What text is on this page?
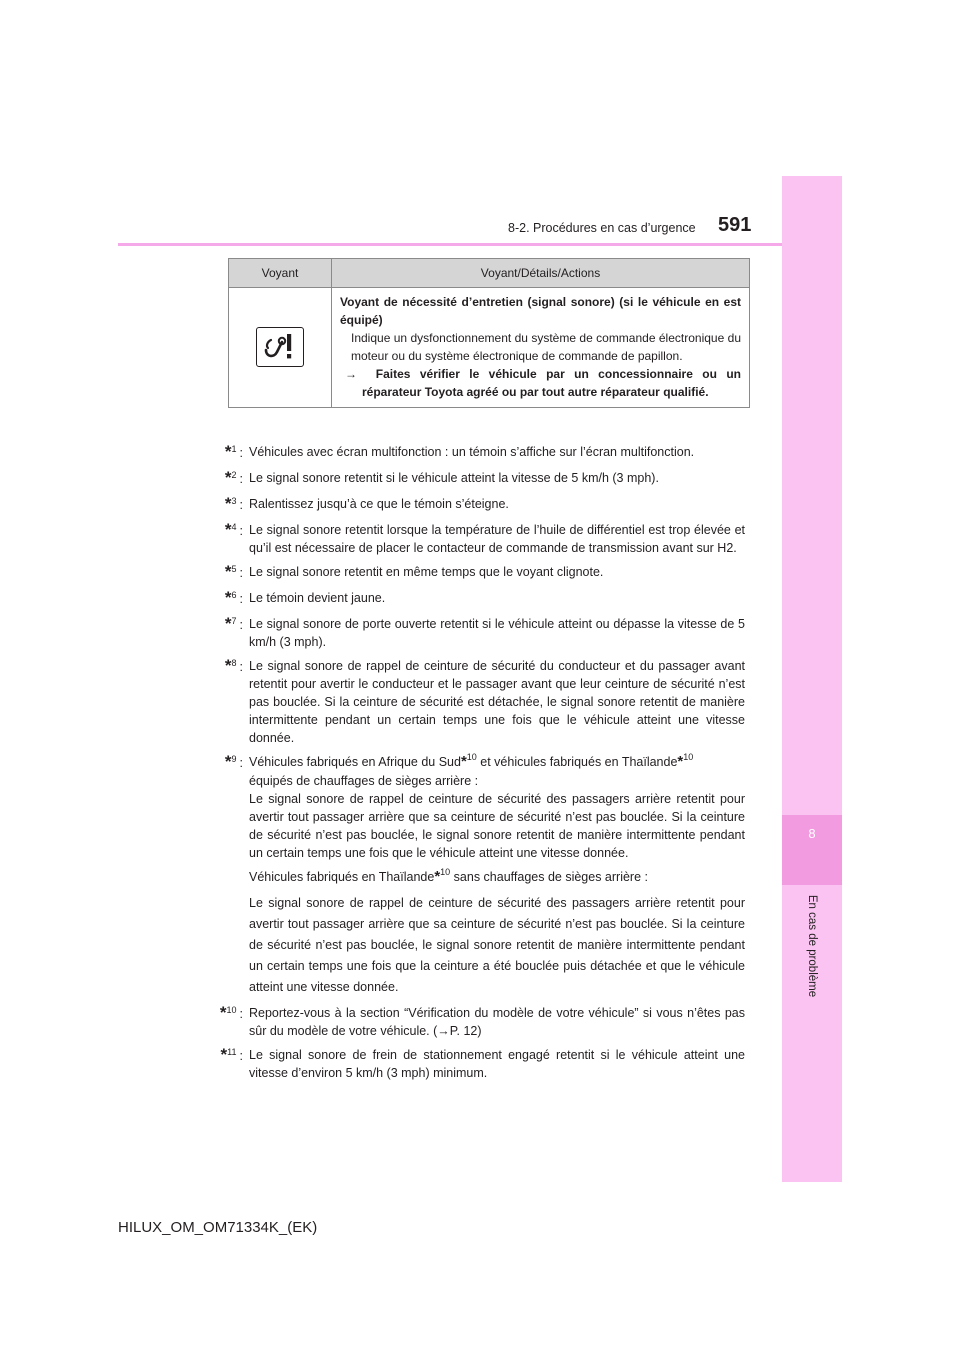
8-2. Procédures en cas d’urgence 591
8
En cas de problème
Voyant	Voyant/Détails/Actions

Voyant de nécessité d’entretien (signal sonore) (si le véhicule en est équipé)
Indique un dysfonctionnement du système de commande électronique du moteur ou du système électronique de commande de papillon.
→ Faites vérifier le véhicule par un concessionnaire ou un réparateur Toyota agréé ou par tout autre réparateur qualifié.
*$^1$ : Véhicules avec écran multifonction : un témoin s’affiche sur l’écran multifonction.
*$^2$ : Le signal sonore retentit si le véhicule atteint la vitesse de 5 km/h (3 mph).
*$^3$ : Ralentissez jusqu’à ce que le témoin s’éteigne.
*$^4$ : Le signal sonore retentit lorsque la température de l’huile de différentiel est trop élevée et qu’il est nécessaire de placer le contacteur de commande de transmission avant sur H2.
*$^5$ : Le signal sonore retentit en même temps que le voyant clignote.
*$^6$ : Le témoin devient jaune.
*$^7$ : Le signal sonore de porte ouverte retentit si le véhicule atteint ou dépasse la vitesse de 5 km/h (3 mph).
*$^8$ : Le signal sonore de rappel de ceinture de sécurité du conducteur et du passager avant retentit pour avertir le conducteur et le passager avant que leur ceinture de sécurité n’est pas bouclée. Si la ceinture de sécurité est détachée, le signal sonore retentit de manière intermittente pendant un certain temps une fois que le véhicule atteint une vitesse donnée.
*$^9$ : Véhicules fabriqués en Afrique du Sud*$^{10}$ et véhicules fabriqués en Thaïlande*$^{10}$
équipés de chauffages de sièges arrière :

Le signal sonore de rappel de ceinture de sécurité des passagers arrière retentit pour avertir tout passager arrière que sa ceinture de sécurité n’est pas bouclée. Si la ceinture de sécurité n’est pas bouclée, le signal sonore retentit de manière intermittente pendant un certain temps une fois que le véhicule atteint une vitesse donnée.

Véhicules fabriqués en Thaïlande*$^{10}$ sans chauffages de sièges arrière :

Le signal sonore de rappel de ceinture de sécurité des passagers arrière retentit pour avertir tout passager arrière que sa ceinture de sécurité n’est pas bouclée. Si la ceinture de sécurité n’est pas bouclée, le signal sonore retentit de manière intermittente pendant un certain temps une fois que la ceinture a été bouclée puis détachée et que le véhicule atteint une vitesse donnée.

*$^{10}$ : Reportez-vous à la section “Vérification du modèle de votre véhicule” si vous n’êtes pas sûr du modèle de votre véhicule. (→P. 12)
*$^{11}$ : Le signal sonore de frein de stationnement engagé retentit si le véhicule atteint une vitesse d’environ 5 km/h (3 mph) minimum.
HILUX_OM_OM71334K_(EK)
